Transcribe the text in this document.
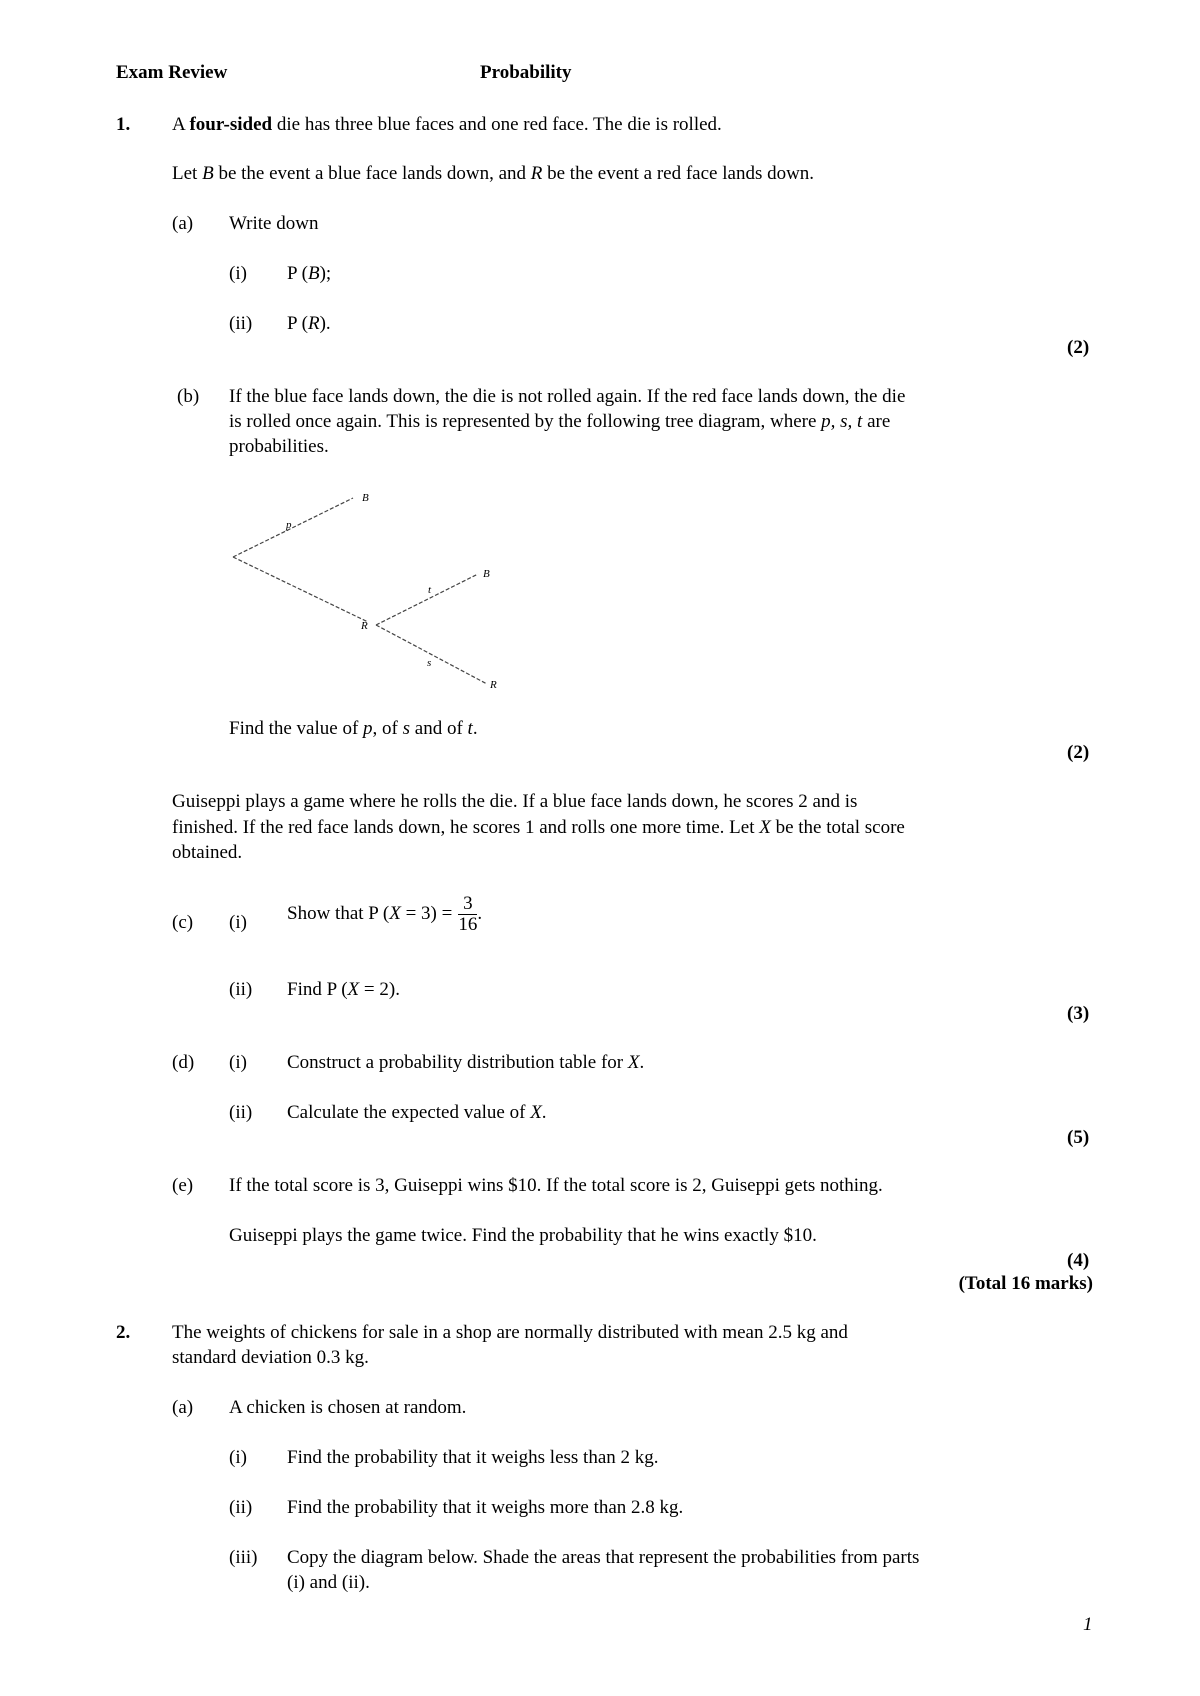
Exam Review	Probability
1. A four-sided die has three blue faces and one red face. The die is rolled.
Let B be the event a blue face lands down, and R be the event a red face lands down.
(a) Write down
(i) P (B);
(ii) P (R).
(2)
(b) If the blue face lands down, the die is not rolled again. If the red face lands down, the die
is rolled once again. This is represented by the following tree diagram, where p, s, t are
probabilities.
p
B
R
t
B
s
R
Find the value of p, of s and of t.
(2)
Guiseppi plays a game where he rolls the die. If a blue face lands down, he scores 2 and is
finished. If the red face lands down, he scores 1 and rolls one more time. Let X be the total score
obtained.
(c) (i) Show that P $(X = 3) = \frac{3}{16}$ .
(ii) Find P (X = 2).
(3)
(d) (i) Construct a probability distribution table for X.
(ii) Calculate the expected value of X.
(5)
(e) If the total score is 3, Guiseppi wins $10. If the total score is 2, Guiseppi gets nothing.
Guiseppi plays the game twice. Find the probability that he wins exactly $10.
(4)
(Total 16 marks)
2. The weights of chickens for sale in a shop are normally distributed with mean 2.5 kg and
standard deviation 0.3 kg.
(a) A chicken is chosen at random.
(i) Find the probability that it weighs less than 2 kg.
(ii) Find the probability that it weighs more than 2.8 kg.
(iii) Copy the diagram below. Shade the areas that represent the probabilities from parts
(i) and (ii).
1
